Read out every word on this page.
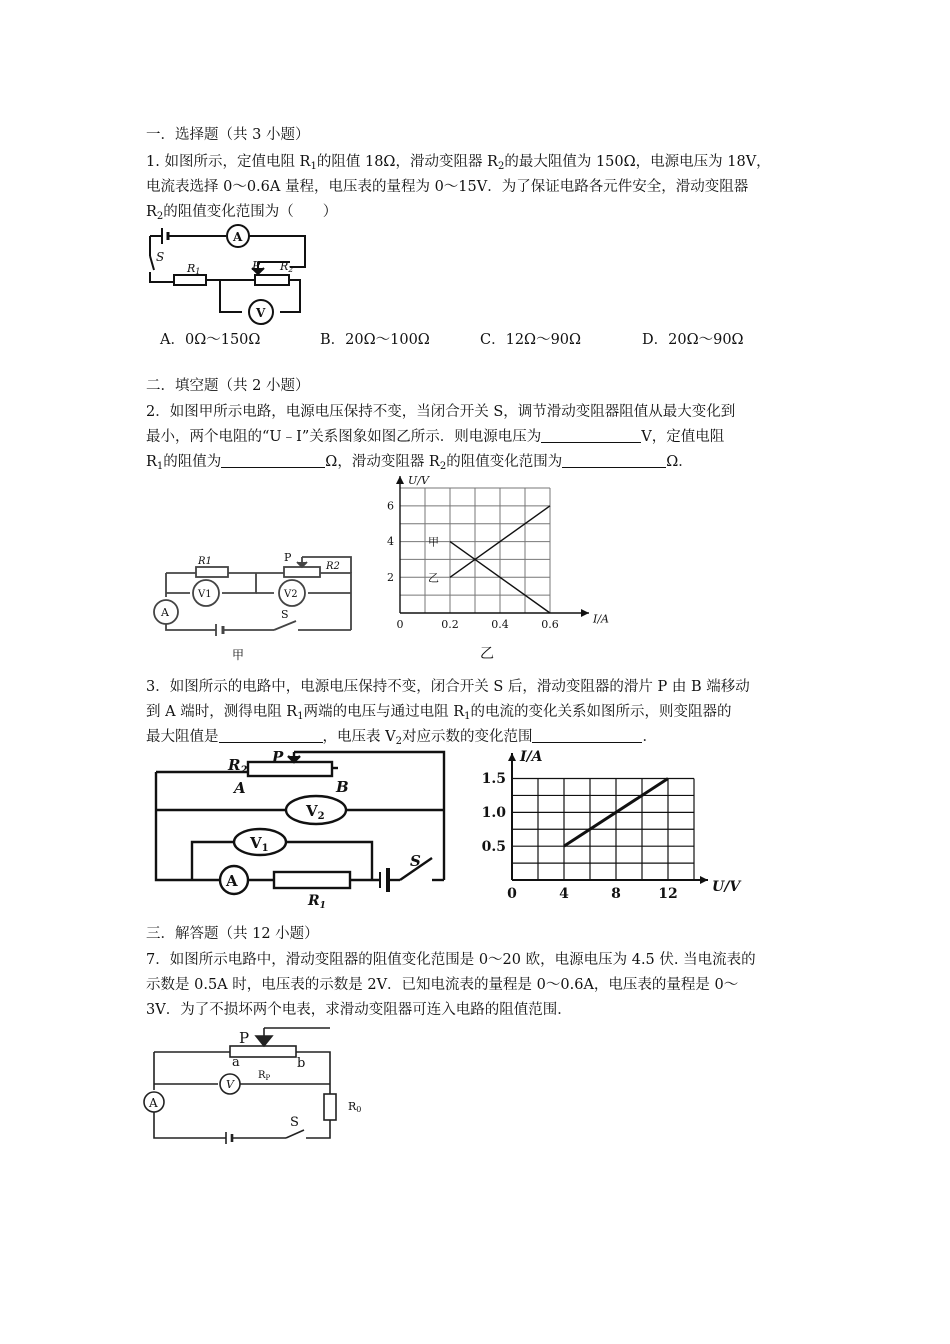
一．选择题（共 3 小题）
1. 如图所示，定值电阻 $R_1$的阻值 18Ω，滑动变阻器 $R_2$的最大阻值为 150Ω，电源电压为 18V，
电流表选择 0～0.6A 量程，电压表的量程为 0～15V．为了保证电路各元件安全，滑动变阻器
$R_2$的阻值变化范围为（　　）
S
R1	P R2
A
V
A．0Ω～150Ω	B．20Ω～100Ω	C．12Ω～90Ω	D．20Ω～90Ω
二．填空题（共 2 小题）
2．如图甲所示电路，电源电压保持不变，当闭合开关 S，调节滑动变阻器阻值从最大变化到
最小，两个电阻的“U﹣I”关系图象如图乙所示．则电源电压为	V，定值电阻
$R_1$的阻值为	Ω，滑动变阻器 $R_2$的阻值变化范围为	Ω．
R1	P
R2
V1	V2
A	S
甲
0	0.2	0.4	0.6
2
4
6
I/A
U/V
甲
乙
乙
3．如图所示的电路中，电源电压保持不变，闭合开关 S 后，滑动变阻器的滑片 P 由 B 端移动
到 A 端时，测得电阻 $R_1$两端的电压与通过电阻 $R_1$的电流的变化关系如图所示，则变阻器的
最大阻值是	，电压表 $V_2$对应示数的变化范围	．
$R_2$
P
A	B
$V_2$
$V_1$
A
$R_1$
S
0	4	8	12
0.5
1.0
1.5
U/V
I/A
三．解答题（共 12 小题）
7．如图所示电路中，滑动变阻器的阻值变化范围是 0～20 欧，电源电压为 4.5 伏. 当电流表的
示数是 0.5A 时，电压表的示数是 2V．已知电流表的量程是 0～0.6A，电压表的量程是 0～
3V．为了不损坏两个电表，求滑动变阻器可连入电路的阻值范围．
P
a	b
$R_P$
V
A	R0
S
